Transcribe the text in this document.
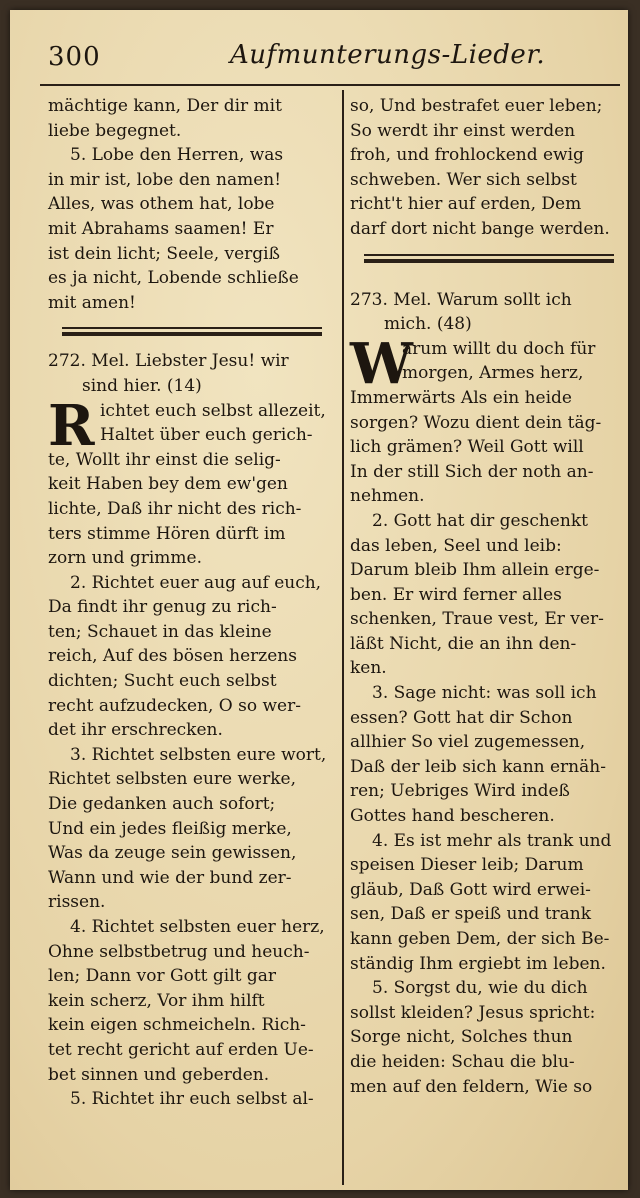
300	Aufmunterungs-Lieder.
mächtige kann, Der dir mit
liebe begegnet.
5. Lobe den Herren, was
in mir ist, lobe den namen!
Alles, was othem hat, lobe
mit Abrahams saamen! Er
ist dein licht; Seele, vergiß
es ja nicht, Lobende schließe
mit amen!
272. Mel. Liebster Jesu! wir
sind hier. (14)
R ichtet euch selbst allezeit,
Haltet über euch gerich-
te, Wollt ihr einst die selig-
keit Haben bey dem ew'gen
lichte, Daß ihr nicht des rich-
ters stimme Hören dürft im
zorn und grimme.
2. Richtet euer aug auf euch,
Da findt ihr genug zu rich-
ten; Schauet in das kleine
reich, Auf des bösen herzens
dichten; Sucht euch selbst
recht aufzudecken, O so wer-
det ihr erschrecken.
3. Richtet selbsten eure wort,
Richtet selbsten eure werke,
Die gedanken auch sofort;
Und ein jedes fleißig merke,
Was da zeuge sein gewissen,
Wann und wie der bund zer-
rissen.
4. Richtet selbsten euer herz,
Ohne selbstbetrug und heuch-
len; Dann vor Gott gilt gar
kein scherz, Vor ihm hilft
kein eigen schmeicheln. Rich-
tet recht gericht auf erden Ue-
bet sinnen und geberden.
5. Richtet ihr euch selbst al-
so, Und bestrafet euer leben;
So werdt ihr einst werden
froh, und frohlockend ewig
schweben. Wer sich selbst
richt't hier auf erden, Dem
darf dort nicht bange werden.
273. Mel. Warum sollt ich
mich. (48)
W
arum willt du doch für
morgen, Armes herz,
Immerwärts Als ein heide
sorgen? Wozu dient dein täg-
lich grämen? Weil Gott will
In der still Sich der noth an-
nehmen.
2. Gott hat dir geschenkt
das leben, Seel und leib:
Darum bleib Ihm allein erge-
ben. Er wird ferner alles
schenken, Traue vest, Er ver-
läßt Nicht, die an ihn den-
ken.
3. Sage nicht: was soll ich
essen? Gott hat dir Schon
allhier So viel zugemessen,
Daß der leib sich kann ernäh-
ren; Uebriges Wird indeß
Gottes hand bescheren.
4. Es ist mehr als trank und
speisen Dieser leib; Darum
gläub, Daß Gott wird erwei-
sen, Daß er speiß und trank
kann geben Dem, der sich Be-
ständig Ihm ergiebt im leben.
5. Sorgst du, wie du dich
sollst kleiden? Jesus spricht:
Sorge nicht, Solches thun
die heiden: Schau die blu-
men auf den feldern, Wie so
